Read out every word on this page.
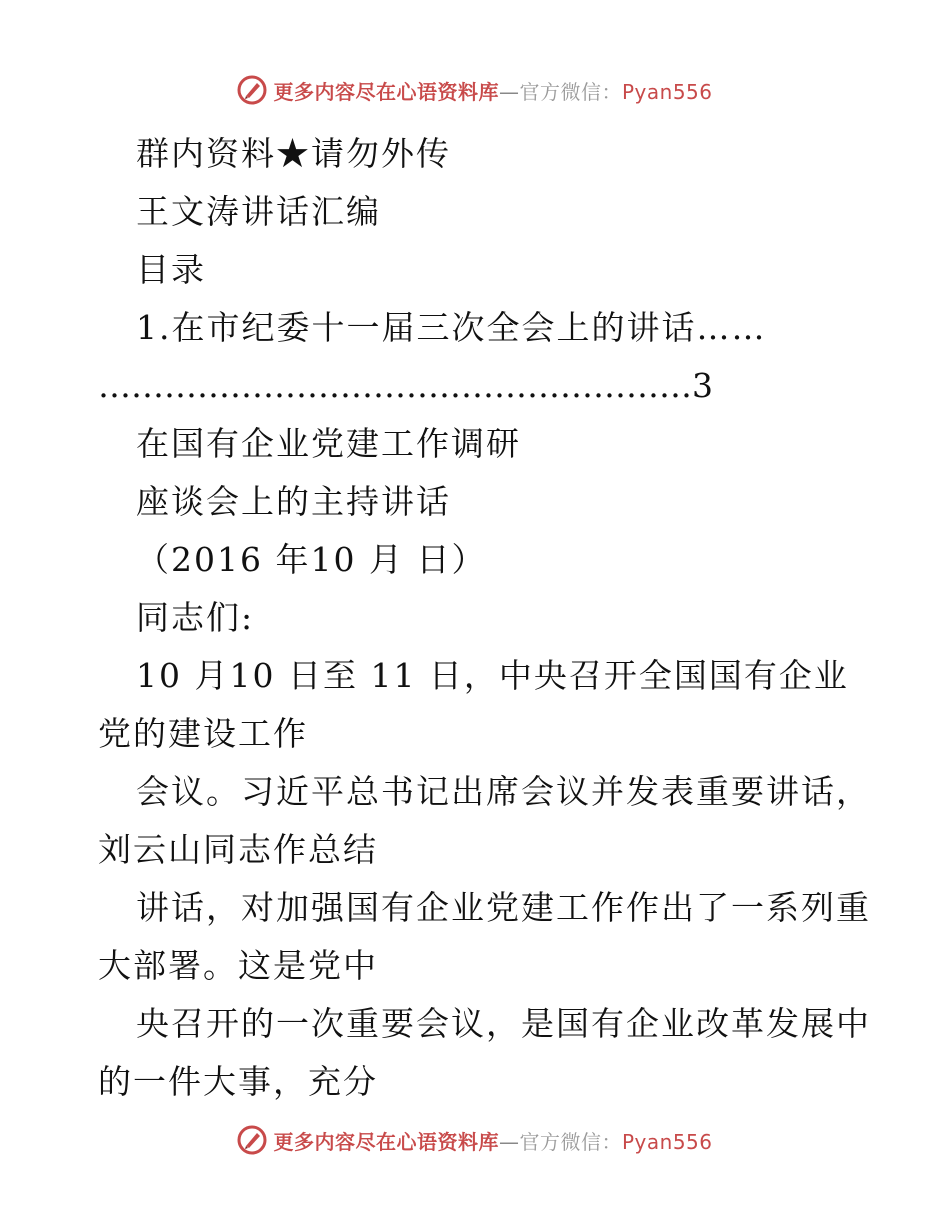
更多内容尽在心语资料库—官方微信：Pyan556
群内资料★请勿外传
王文涛讲话汇编
目录
1.在市纪委十一届三次全会上的讲话……
………………………………………………3
在国有企业党建工作调研
座谈会上的主持讲话
（2016 年10 月 日）
同志们:
10 月10 日至 11 日，中央召开全国国有企业
党的建设工作
会议。习近平总书记出席会议并发表重要讲话，
刘云山同志作总结
讲话，对加强国有企业党建工作作出了一系列重
大部署。这是党中
央召开的一次重要会议，是国有企业改革发展中
的一件大事，充分
更多内容尽在心语资料库—官方微信：Pyan556
